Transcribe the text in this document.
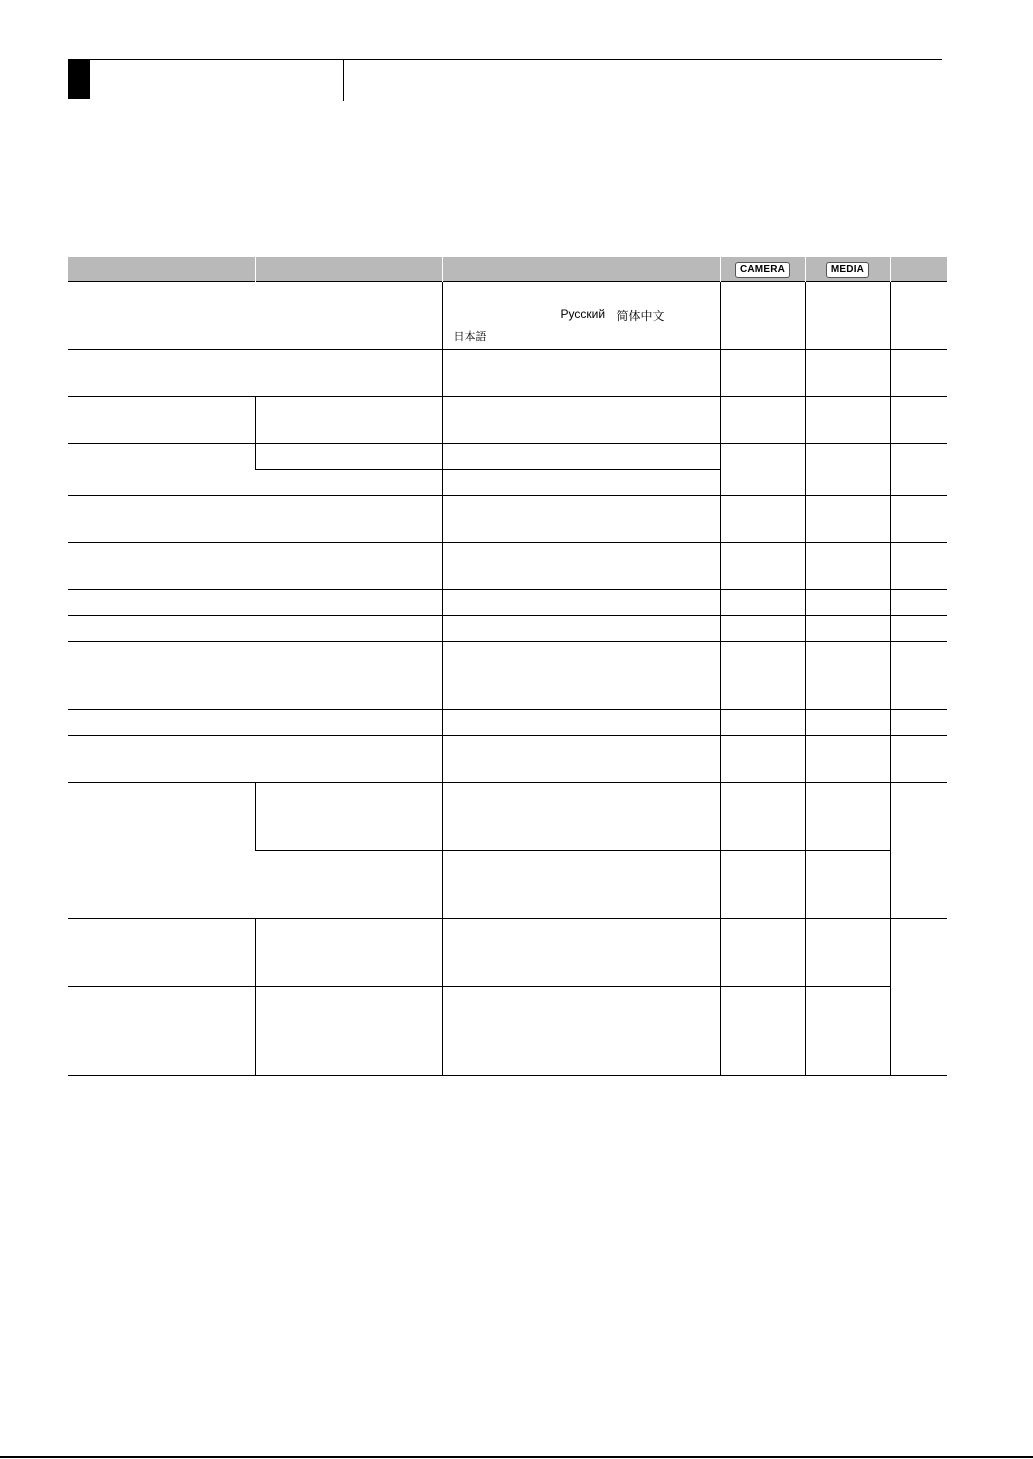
			CAMERA	MEDIA	

		Русский 简体中文
日本語			
